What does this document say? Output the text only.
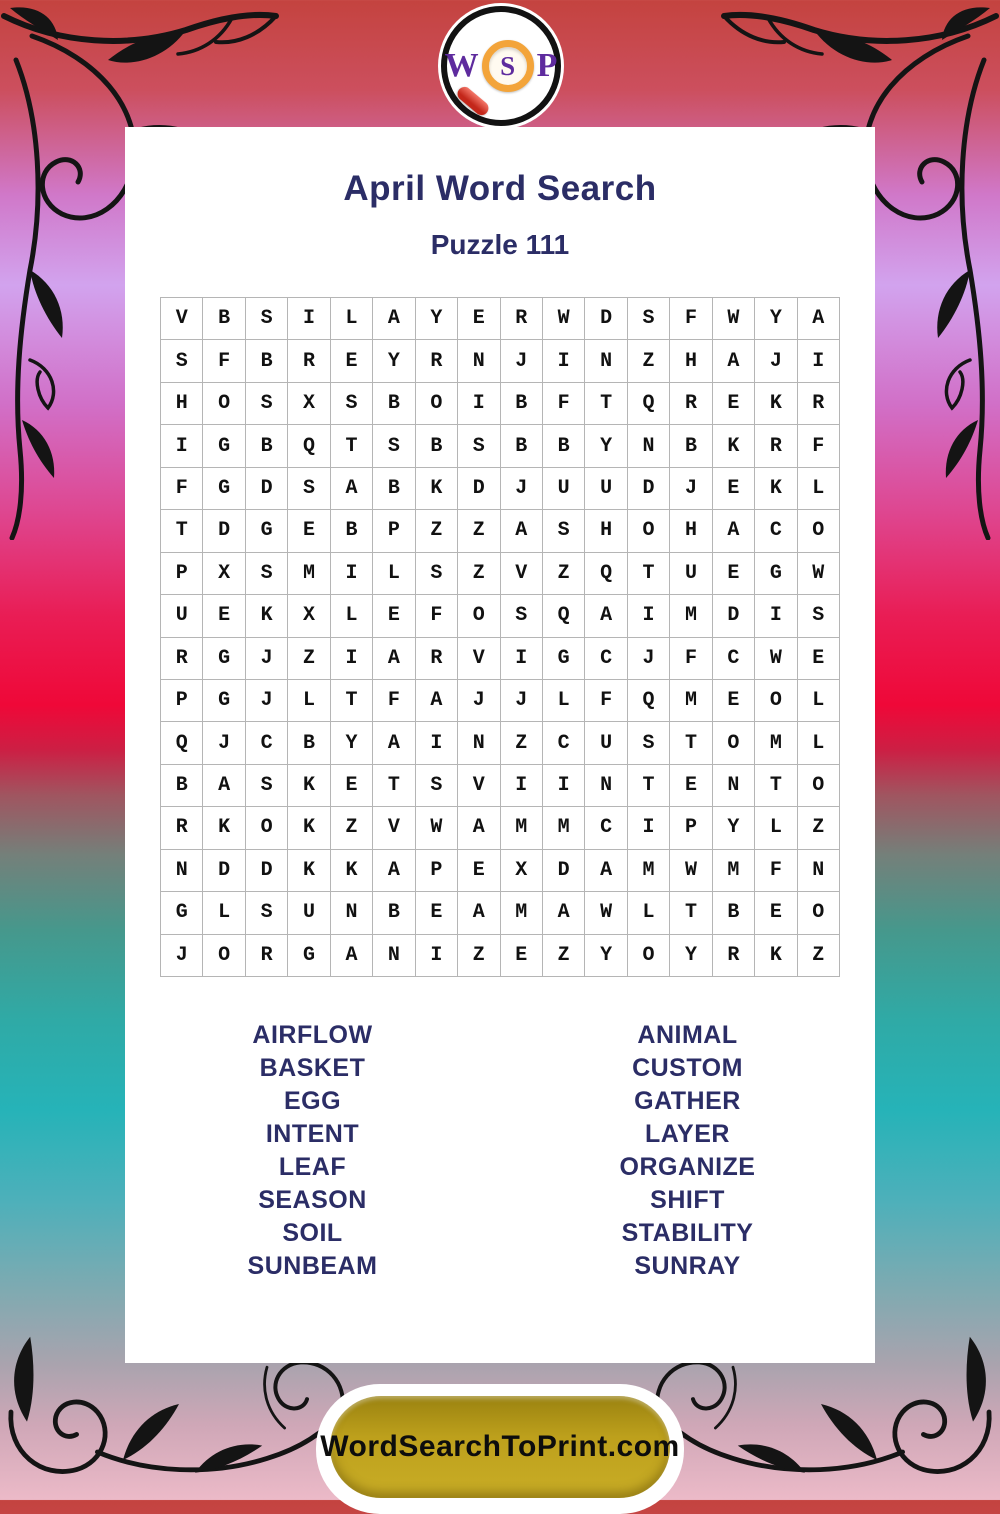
W S P
April Word Search
Puzzle 111
V	B	S	I	L	A	Y	E	R	W	D	S	F	W	Y	A
S	F	B	R	E	Y	R	N	J	I	N	Z	H	A	J	I
H	O	S	X	S	B	O	I	B	F	T	Q	R	E	K	R
I	G	B	Q	T	S	B	S	B	B	Y	N	B	K	R	F
F	G	D	S	A	B	K	D	J	U	U	D	J	E	K	L
T	D	G	E	B	P	Z	Z	A	S	H	O	H	A	C	O
P	X	S	M	I	L	S	Z	V	Z	Q	T	U	E	G	W
U	E	K	X	L	E	F	O	S	Q	A	I	M	D	I	S
R	G	J	Z	I	A	R	V	I	G	C	J	F	C	W	E
P	G	J	L	T	F	A	J	J	L	F	Q	M	E	O	L
Q	J	C	B	Y	A	I	N	Z	C	U	S	T	O	M	L
B	A	S	K	E	T	S	V	I	I	N	T	E	N	T	O
R	K	O	K	Z	V	W	A	M	M	C	I	P	Y	L	Z
N	D	D	K	K	A	P	E	X	D	A	M	W	M	F	N
G	L	S	U	N	B	E	A	M	A	W	L	T	B	E	O
J	O	R	G	A	N	I	Z	E	Z	Y	O	Y	R	K	Z
AIRFLOW
BASKET
EGG
INTENT
LEAF
SEASON
SOIL
SUNBEAM
ANIMAL
CUSTOM
GATHER
LAYER
ORGANIZE
SHIFT
STABILITY
SUNRAY
WordSearchToPrint.com
